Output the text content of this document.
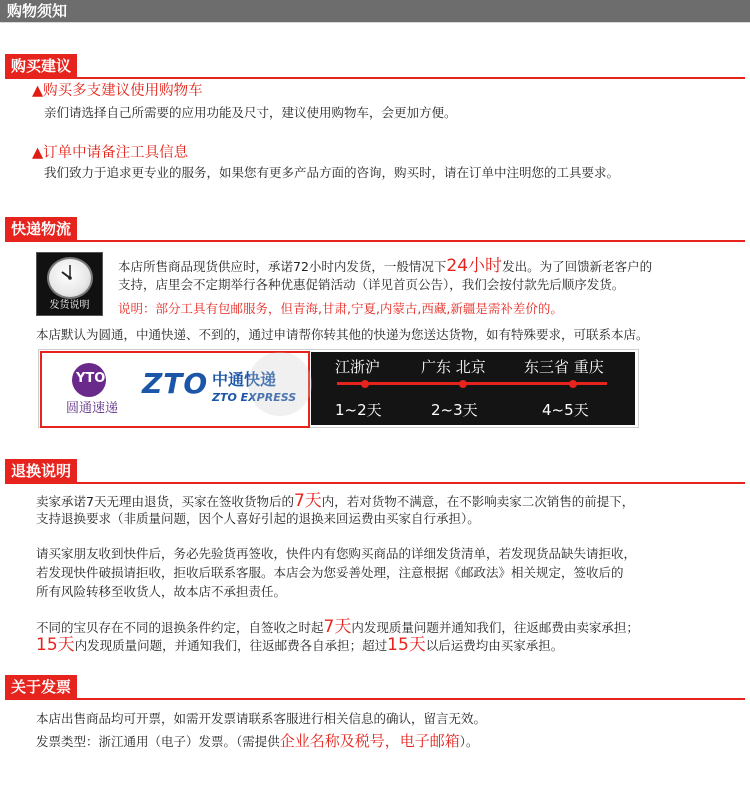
购物须知
购买建议
▲购买多支建议使用购物车
亲们请选择自己所需要的应用功能及尺寸，建议使用购物车，会更加方便。
▲订单中请备注工具信息
我们致力于追求更专业的服务，如果您有更多产品方面的咨询，购买时，请在订单中注明您的工具要求。
快递物流
发货说明
本店所售商品现货供应时，承诺72小时内发货，一般情况下24小时发出。为了回馈新老客户的
支持，店里会不定期举行各种优惠促销活动（详见首页公告），我们会按付款先后顺序发货。
说明：部分工具有包邮服务，但青海,甘肃,宁夏,内蒙古,西藏,新疆是需补差价的。
本店默认为圆通，中通快递、不到的，通过申请帮你转其他的快递为您送达货物，如有特殊要求，可联系本店。
YTO
圆通速递
ZTO 中通快递
ZTO EXPRESS
江浙沪	广东 北京	东三省 重庆
1~2天	2~3天	4~5天
退换说明
卖家承诺7天无理由退货，买家在签收货物后的7天内，若对货物不满意，在不影响卖家二次销售的前提下，
支持退换要求（非质量问题，因个人喜好引起的退换来回运费由买家自行承担）。
请买家朋友收到快件后，务必先验货再签收，快件内有您购买商品的详细发货清单，若发现货品缺失请拒收，
若发现快件破损请拒收，拒收后联系客服。本店会为您妥善处理，注意根据《邮政法》相关规定，签收后的
所有风险转移至收货人，故本店不承担责任。
不同的宝贝存在不同的退换条件约定，自签收之时起7天内发现质量问题并通知我们，往返邮费由卖家承担；
15天内发现质量问题，并通知我们，往返邮费各自承担；超过15天以后运费均由买家承担。
关于发票
本店出售商品均可开票，如需开发票请联系客服进行相关信息的确认，留言无效。
发票类型：浙江通用（电子）发票。（需提供企业名称及税号，电子邮箱）。
